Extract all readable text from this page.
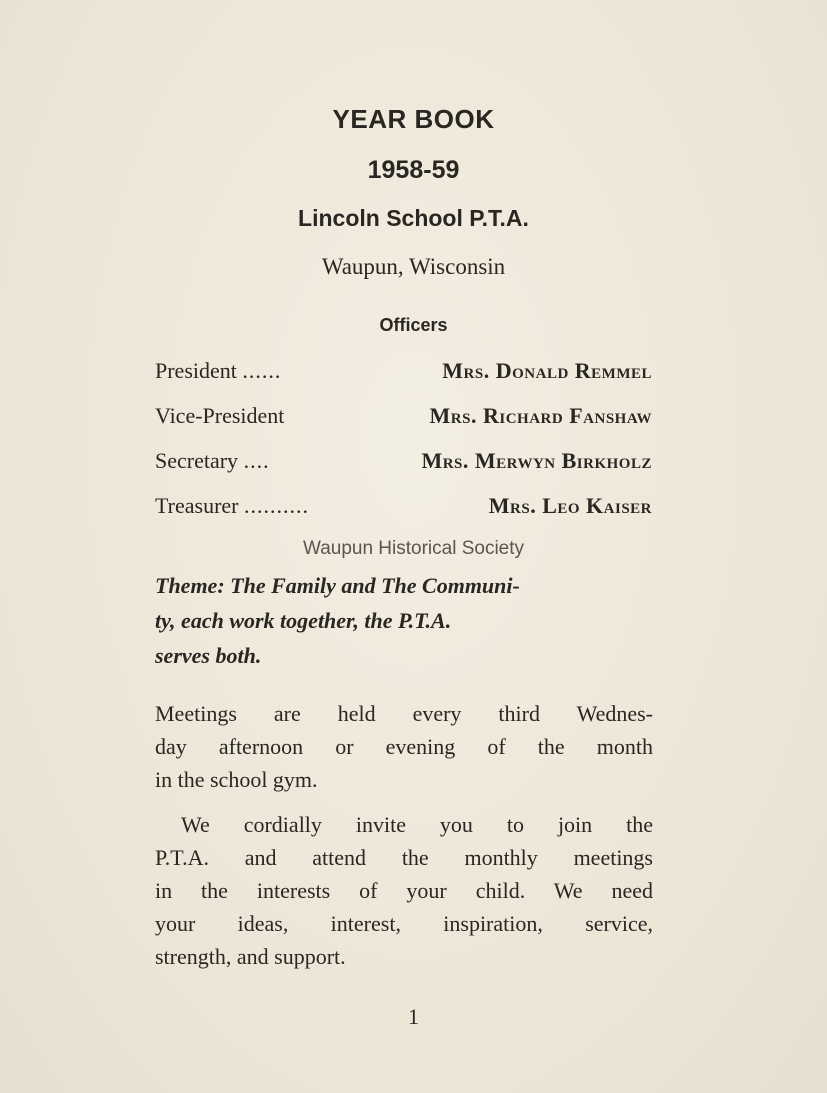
YEAR BOOK
1958-59
Lincoln School P.T.A.
Waupun, Wisconsin
Officers
President ......	Mrs. Donald Remmel
Vice-President	Mrs. Richard Fanshaw
Secretary ....	Mrs. Merwyn Birkholz
Treasurer ..........	Mrs. Leo Kaiser
Waupun Historical Society
Theme: The Family and The Communi-
ty, each work together, the P.T.A.
serves both.
Meetings are held every third Wednes-
day afternoon or evening of the month
in the school gym.
We cordially invite you to join the
P.T.A. and attend the monthly meetings
in the interests of your child. We need
your ideas, interest, inspiration, service,
strength, and support.
1
